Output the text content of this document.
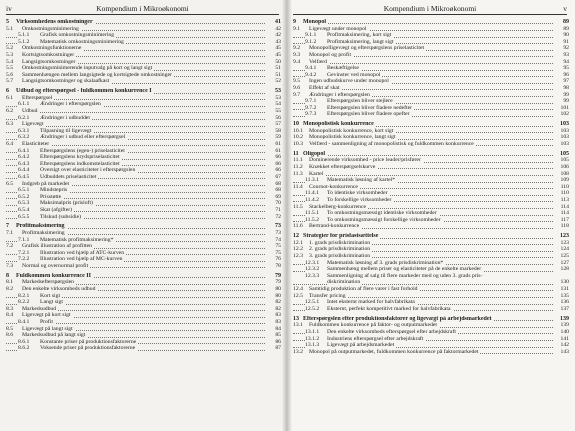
iv	Kompendium i Mikroøkonomi
5 Virksomhedens omkostninger	41
5.1 Omkostningsminimering	42
5.1.1 Grafisk omkostningsminimering	42
5.1.2 Matematisk omkostningsminimering	43
5.2 Omkostningsfunktionerne	45
5.3 Kortsigtsomkostninger	45
5.4 Langsigtsomkostninger	50
5.5 Omkostningsminimerende inputvalg på kort og langt sigt	51
5.6 Sammenhængen mellem langsigtede og kortsigtede omkostninger	51
5.7 Langsigtsomkostninger og skalaafkast	52
6 Udbud og efterspørgsel - fuldkommen konkurrence I	53
6.1 Efterspørgsel	53
6.1.1 Ændringer i efterspørgslen	54
6.2 Udbud	55
6.2.1 Ændringer i udbuddet	56
6.3 Ligevægt	57
6.3.1 Tilpasning til ligevægt	58
6.3.2 Ændringer i udbud eller efterspørgsel	59
6.4 Elasticiteter	61
6.4.1 Efterspørgslens (egen-) priselasticitet	61
6.4.2 Efterspørgslens krydspriselasticitet	66
6.4.3 Efterspørgslens indkomstelasticitet	66
6.4.4 Oversigt over elasticiteter i efterspørgslen	66
6.4.5 Udbuddets priselasticitet	67
6.5 Indgreb på markedet	68
6.5.1 Mindstepris	68
6.5.2 Prisstøtte	69
6.5.3 Maksimalpris (prisloft)	70
6.5.4 Skat (afgifter)	71
6.5.5 Tilskud (subsidie)	72
7 Profitmaksimering	73
7.1 Profitmaksimering	73
7.1.1 Matematisk profitmaksimering*	74
7.2 Grafisk illustration af profitten	75
7.2.1 Illustration ved hjælp af ATC-kurven	75
7.2.2 Illustration ved hjælp af MC-kurven	76
7.3 Normal og overnormal profit	78
8 Fuldkommen konkurrence II	79
8.1 Markedsefterspørgslen	79
8.2 Den enkelte virksomheds udbud	80
8.2.1 Kort sigt	80
8.2.2 Langt sigt	82
8.3 Markedsudbud	82
8.4 Ligevægt på kort sigt	83
8.4.1 Profit	83
8.5 Ligevægt på langt sigt	84
8.6 Markedsudbud på langt sigt	85
8.6.1 Konstante priser på produktionsfaktorerne	86
8.6.2 Voksende priser på produktionsfaktorerne	87
Kompendium i Mikroøkonomi	v
9 Monopol	89
9.1 Ligevægt under monopol	89
9.1.1 Profitmaksimering, kort sigt	90
9.1.2 Profitmaksimering, langt sigt	91
9.2 Monopolligevægt og efterspørgslens priselasticitet	92
9.3 Monopol og profit	93
9.4 Velfærd	94
9.4.1 Beskæftigelse	95
9.4.2 Gevinster ved monopol	96
9.5 Ingen udbudskurve under monopol	97
9.6 Effekt af skat	98
9.7 Ændringer i efterspørgslen	99
9.7.1 Efterspørgslen bliver stejlere	99
9.7.2 Efterspørgslen bliver fladere nedefter	101
9.7.3 Efterspørgslen bliver fladere opefter	102
10 Monopolistisk konkurrence	103
10.1 Monopolistisk konkurrence, kort sigt	103
10.2 Monopolistisk konkurrence, langt sigt	103
10.3 Velfærd - sammenligning af monopolistisk og fuldkommen konkurrence	103
11 Oligopol	105
11.1 Dominerende virksomhed - price leader/prisfører	105
11.2 Knækket efterspørgselskurve	106
11.3 Kartel	108
11.3.1 Matematisk løsning af kartel*	109
11.4 Cournot-konkurrence	110
11.4.1 To identiske virksomheder	110
11.4.2 To forskellige virksomheder	113
11.5 Stackelberg-konkurrence	114
11.5.1 To omkostningsmæssigt identiske virksomheder	114
11.5.2 To omkostningsmæssigt forskellige virksomheder	117
11.6 Bertrand-konkurrence	118
12 Strategier for prisfastsættelse	123
12.1 1. grads prisdiskrimination	123
12.2 2. grads prisdiskrimination	124
12.3 3. grads prisdiskrimination	125
12.3.1 Matematisk løsning af 3. grads prisdiskrimination*	127
12.3.2 Sammenhæng mellem priser og elasticiteter på de enkelte markeder	128
12.3.3 Sammenligning af salg til flere markeder med og uden 3. grads pris-
diskrimination	130
12.4 Samtidig produktion af flere varer i fast forhold	131
12.5 Transfer pricing	135
12.5.1 Intet eksternt marked for halvfabrikata	136
12.5.2 Eksternt, perfekt kompetitivt marked for halvfabrikata	137
13 Efterspørgslen efter produktionsfaktorer og ligevægt på arbejdsmarkedet	139
13.1 Fuldkommen konkurrence på faktor- og outputmarkedet	139
13.1.1 Den enkelte virksomheds efterspørgsel efter arbejdskraft	140
13.1.2 Industriens efterspørgsel efter arbejdskraft	141
13.1.3 Ligevægt på arbejdsmarkedet	142
13.2 Monopol på outputmarkedet, fuldkommen konkurrence på faktormarkedet	143
